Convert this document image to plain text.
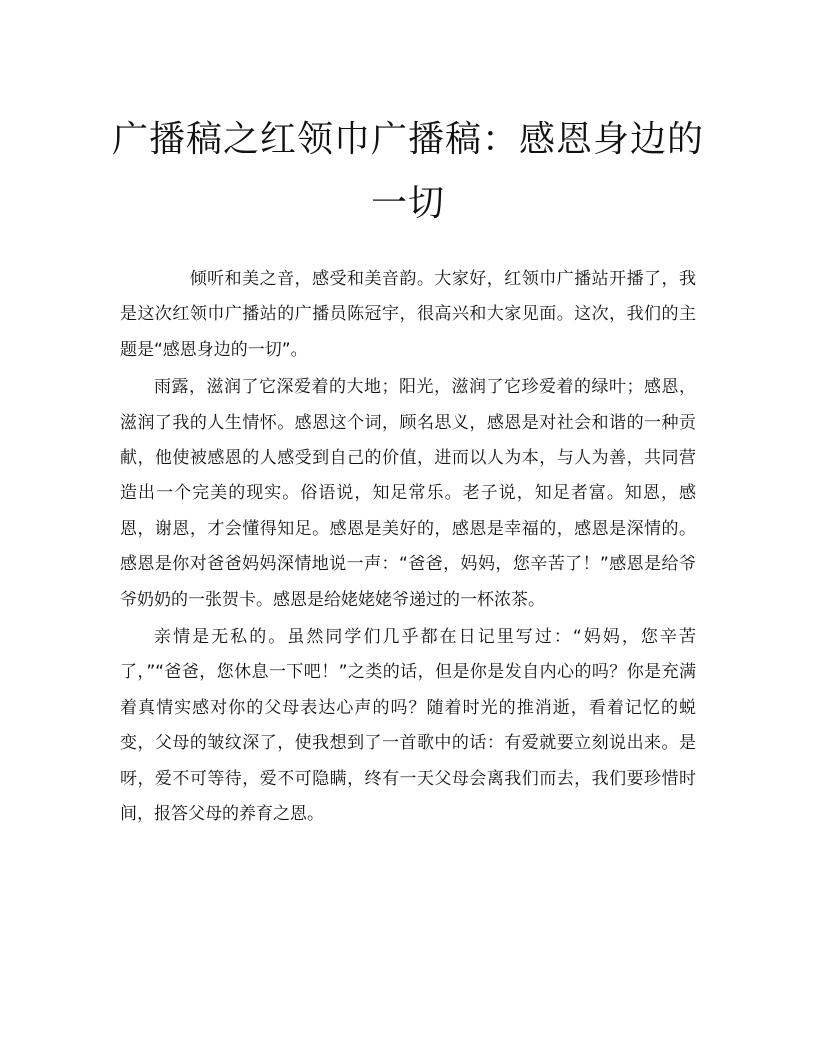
广播稿之红领巾广播稿：感恩身边的一切

倾听和美之音，感受和美音韵。大家好，红领巾广播站开播了，我是这次红领巾广播站的广播员陈冠宇，很高兴和大家见面。这次，我们的主题是“感恩身边的一切”。

雨露，滋润了它深爱着的大地；阳光，滋润了它珍爱着的绿叶；感恩，滋润了我的人生情怀。感恩这个词，顾名思义，感恩是对社会和谐的一种贡献，他使被感恩的人感受到自己的价值，进而以人为本，与人为善，共同营造出一个完美的现实。俗语说，知足常乐。老子说，知足者富。知恩，感恩，谢恩，才会懂得知足。感恩是美好的，感恩是幸福的，感恩是深情的。感恩是你对爸爸妈妈深情地说一声：“爸爸，妈妈，您辛苦了！”感恩是给爷爷奶奶的一张贺卡。感恩是给姥姥姥爷递过的一杯浓茶。

亲情是无私的。虽然同学们几乎都在日记里写过：“妈妈，您辛苦了，”“爸爸，您休息一下吧！”之类的话，但是你是发自内心的吗？你是充满着真情实感对你的父母表达心声的吗？随着时光的推消逝，看着记忆的蜕变，父母的皱纹深了，使我想到了一首歌中的话：有爱就要立刻说出来。是呀，爱不可等待，爱不可隐瞒，终有一天父母会离我们而去，我们要珍惜时间，报答父母的养育之恩。
